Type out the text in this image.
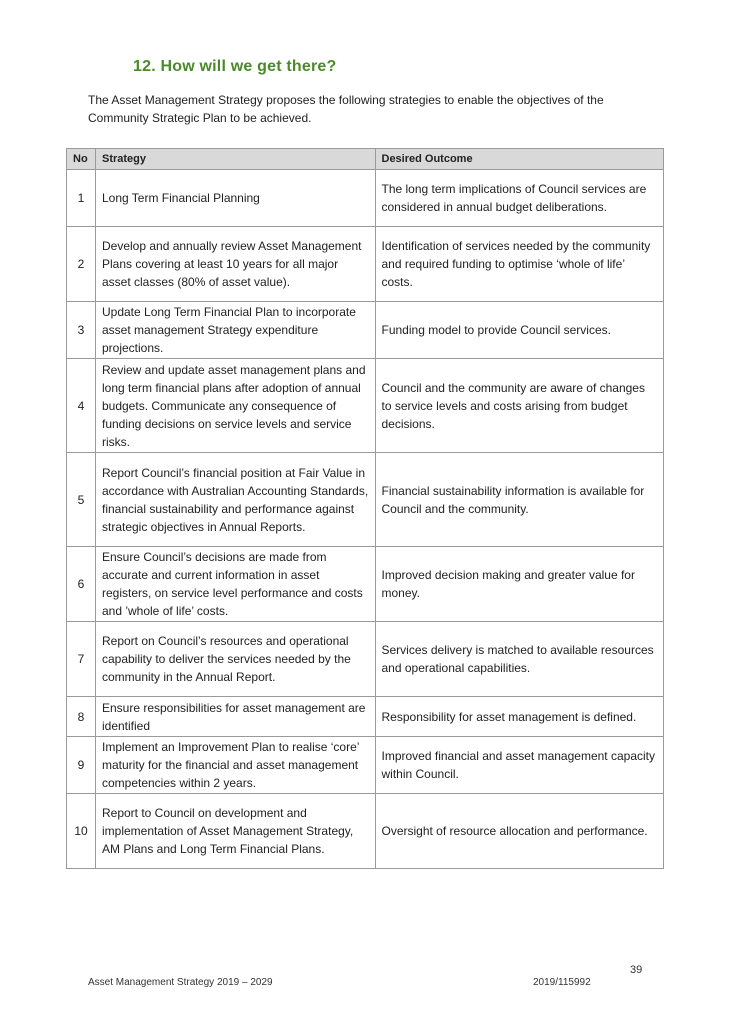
12. How will we get there?

The Asset Management Strategy proposes the following strategies to enable the objectives of the Community Strategic Plan to be achieved.

No	Strategy	Desired Outcome
1	Long Term Financial Planning	The long term implications of Council services are considered in annual budget deliberations.
2	Develop and annually review Asset Management Plans covering at least 10 years for all major asset classes (80% of asset value).	Identification of services needed by the community and required funding to optimise ‘whole of life’ costs.
3	Update Long Term Financial Plan to incorporate asset management Strategy expenditure projections.	Funding model to provide Council services.
4	Review and update asset management plans and long term financial plans after adoption of annual budgets. Communicate any consequence of funding decisions on service levels and service risks.	Council and the community are aware of changes to service levels and costs arising from budget decisions.
5	Report Council’s financial position at Fair Value in accordance with Australian Accounting Standards, financial sustainability and performance against strategic objectives in Annual Reports.	Financial sustainability information is available for Council and the community.
6	Ensure Council’s decisions are made from accurate and current information in asset registers, on service level performance and costs and ’whole of life’ costs.	Improved decision making and greater value for money.
7	Report on Council’s resources and operational capability to deliver the services needed by the community in the Annual Report.	Services delivery is matched to available resources and operational capabilities.
8	Ensure responsibilities for asset management are identified	Responsibility for asset management is defined.
9	Implement an Improvement Plan to realise ‘core’ maturity for the financial and asset management competencies within 2 years.	Improved financial and asset management capacity within Council.
10	Report to Council on development and implementation of Asset Management Strategy, AM Plans and Long Term Financial Plans.	Oversight of resource allocation and performance.
39
Asset Management Strategy 2019 – 2029	2019/115992
